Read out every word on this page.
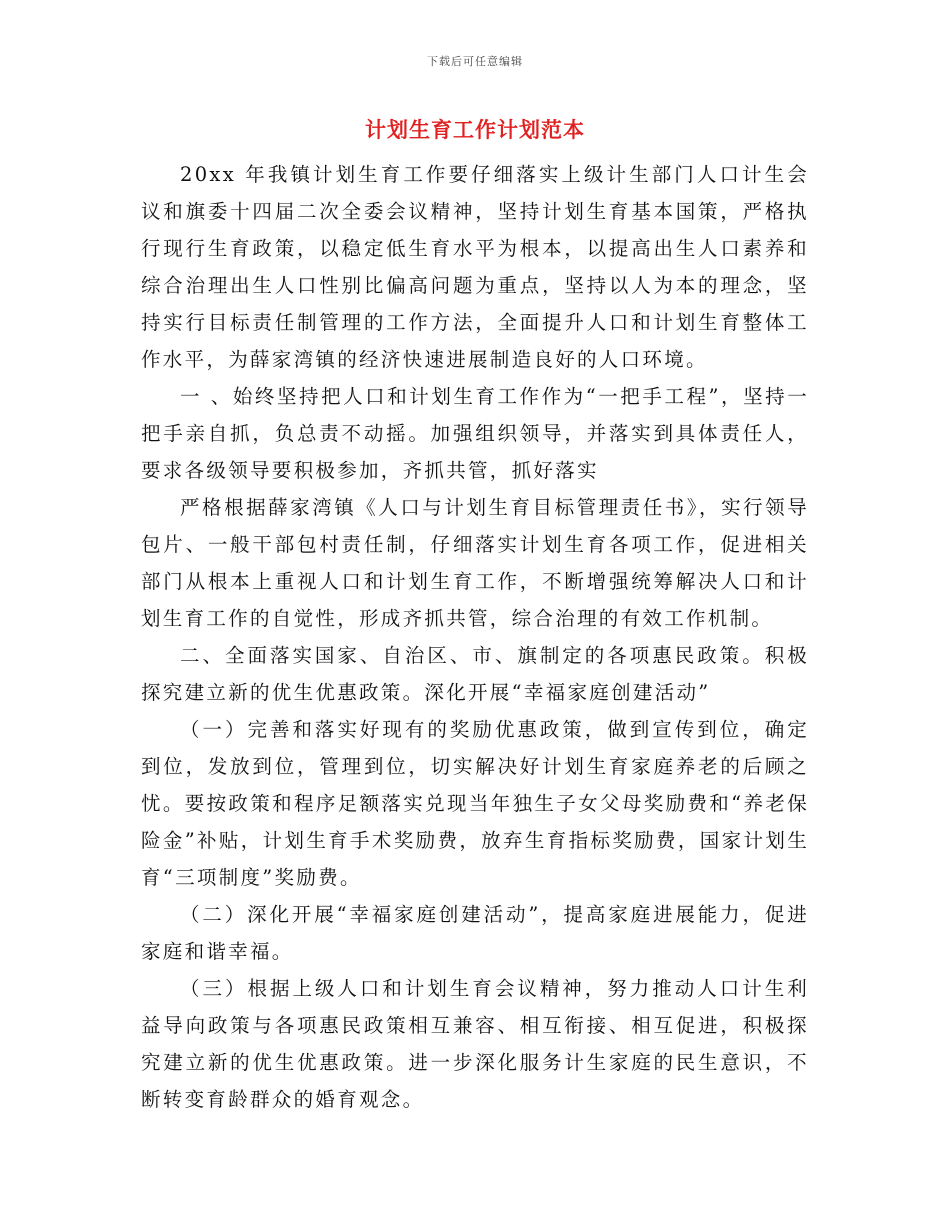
下载后可任意编辑
计划生育工作计划范本

20xx 年我镇计划生育工作要仔细落实上级计生部门人口计生会议和旗委十四届二次全委会议精神，坚持计划生育基本国策，严格执行现行生育政策，以稳定低生育水平为根本，以提高出生人口素养和综合治理出生人口性别比偏高问题为重点，坚持以人为本的理念，坚持实行目标责任制管理的工作方法，全面提升人口和计划生育整体工作水平，为薛家湾镇的经济快速进展制造良好的人口环境。

一 、始终坚持把人口和计划生育工作作为“一把手工程”，坚持一把手亲自抓，负总责不动摇。加强组织领导，并落实到具体责任人，要求各级领导要积极参加，齐抓共管，抓好落实

严格根据薛家湾镇《人口与计划生育目标管理责任书》，实行领导包片、一般干部包村责任制，仔细落实计划生育各项工作，促进相关部门从根本上重视人口和计划生育工作，不断增强统筹解决人口和计划生育工作的自觉性，形成齐抓共管，综合治理的有效工作机制。

二、全面落实国家、自治区、市、旗制定的各项惠民政策。积极探究建立新的优生优惠政策。深化开展“幸福家庭创建活动”

（一）完善和落实好现有的奖励优惠政策，做到宣传到位，确定到位，发放到位，管理到位，切实解决好计划生育家庭养老的后顾之忧。要按政策和程序足额落实兑现当年独生子女父母奖励费和“养老保险金”补贴，计划生育手术奖励费，放弃生育指标奖励费，国家计划生育“三项制度”奖励费。

（二）深化开展“幸福家庭创建活动”，提高家庭进展能力，促进家庭和谐幸福。

（三）根据上级人口和计划生育会议精神，努力推动人口计生利益导向政策与各项惠民政策相互兼容、相互衔接、相互促进，积极探究建立新的优生优惠政策。进一步深化服务计生家庭的民生意识，不断转变育龄群众的婚育观念。
